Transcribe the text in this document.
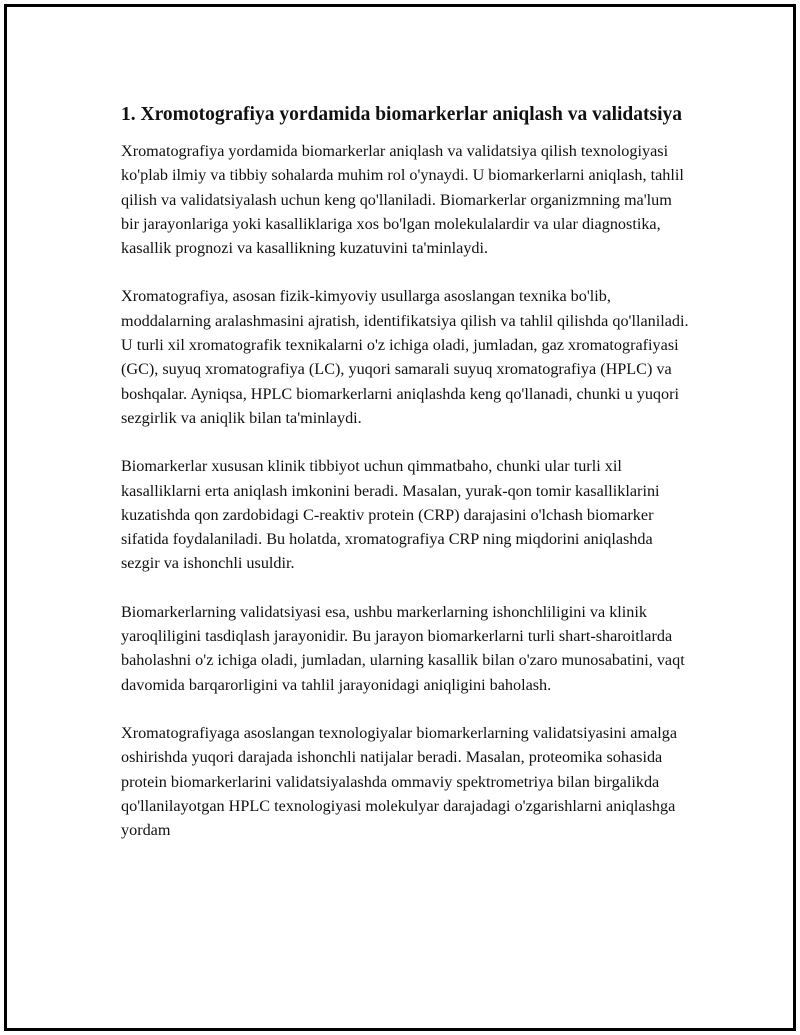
1. Xromotografiya yordamida biomarkerlar aniqlash va validatsiya

Xromatografiya yordamida biomarkerlar aniqlash va validatsiya qilish texnologiyasi ko'plab ilmiy va tibbiy sohalarda muhim rol o'ynaydi. U biomarkerlarni aniqlash, tahlil qilish va validatsiyalash uchun keng qo'llaniladi. Biomarkerlar organizmning ma'lum bir jarayonlariga yoki kasalliklariga xos bo'lgan molekulalardir va ular diagnostika, kasallik prognozi va kasallikning kuzatuvini ta'minlaydi.

Xromatografiya, asosan fizik-kimyoviy usullarga asoslangan texnika bo'lib, moddalarning aralashmasini ajratish, identifikatsiya qilish va tahlil qilishda qo'llaniladi. U turli xil xromatografik texnikalarni o'z ichiga oladi, jumladan, gaz xromatografiyasi (GC), suyuq xromatografiya (LC), yuqori samarali suyuq xromatografiya (HPLC) va boshqalar. Ayniqsa, HPLC biomarkerlarni aniqlashda keng qo'llanadi, chunki u yuqori sezgirlik va aniqlik bilan ta'minlaydi.

Biomarkerlar xususan klinik tibbiyot uchun qimmatbaho, chunki ular turli xil kasalliklarni erta aniqlash imkonini beradi. Masalan, yurak-qon tomir kasalliklarini kuzatishda qon zardobidagi C-reaktiv protein (CRP) darajasini o'lchash biomarker sifatida foydalaniladi. Bu holatda, xromatografiya CRP ning miqdorini aniqlashda sezgir va ishonchli usuldir.

Biomarkerlarning validatsiyasi esa, ushbu markerlarning ishonchliligini va klinik yaroqliligini tasdiqlash jarayonidir. Bu jarayon biomarkerlarni turli shart-sharoitlarda baholashni o'z ichiga oladi, jumladan, ularning kasallik bilan o'zaro munosabatini, vaqt davomida barqarorligini va tahlil jarayonidagi aniqligini baholash.

Xromatografiyaga asoslangan texnologiyalar biomarkerlarning validatsiyasini amalga oshirishda yuqori darajada ishonchli natijalar beradi. Masalan, proteomika sohasida protein biomarkerlarini validatsiyalashda ommaviy spektrometriya bilan birgalikda qo'llanilayotgan HPLC texnologiyasi molekulyar darajadagi o'zgarishlarni aniqlashga yordam
